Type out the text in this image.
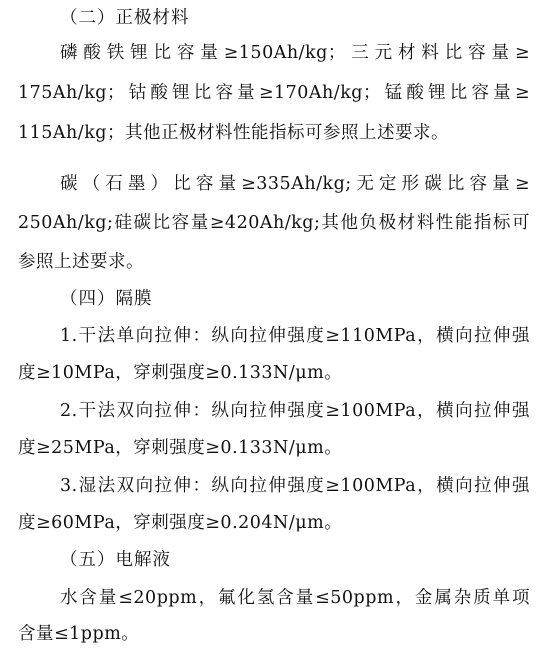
（二）正极材料
磷酸铁锂比容量≥150Ah/kg；三元材料比容量≥
175Ah/kg；钴酸锂比容量≥170Ah/kg；锰酸锂比容量≥
115Ah/kg；其他正极材料性能指标可参照上述要求。
碳（石墨）比容量≥335Ah/kg;无定形碳比容量≥
250Ah/kg;硅碳比容量≥420Ah/kg;其他负极材料性能指标可
参照上述要求。
（四）隔膜
1.干法单向拉伸：纵向拉伸强度≥110MPa，横向拉伸强
度≥10MPa，穿刺强度≥0.133N/μm。
2.干法双向拉伸：纵向拉伸强度≥100MPa，横向拉伸强
度≥25MPa，穿刺强度≥0.133N/μm。
3.湿法双向拉伸：纵向拉伸强度≥100MPa，横向拉伸强
度≥60MPa，穿刺强度≥0.204N/μm。
（五）电解液
水含量≤20ppm，氟化氢含量≤50ppm，金属杂质单项
含量≤1ppm。
